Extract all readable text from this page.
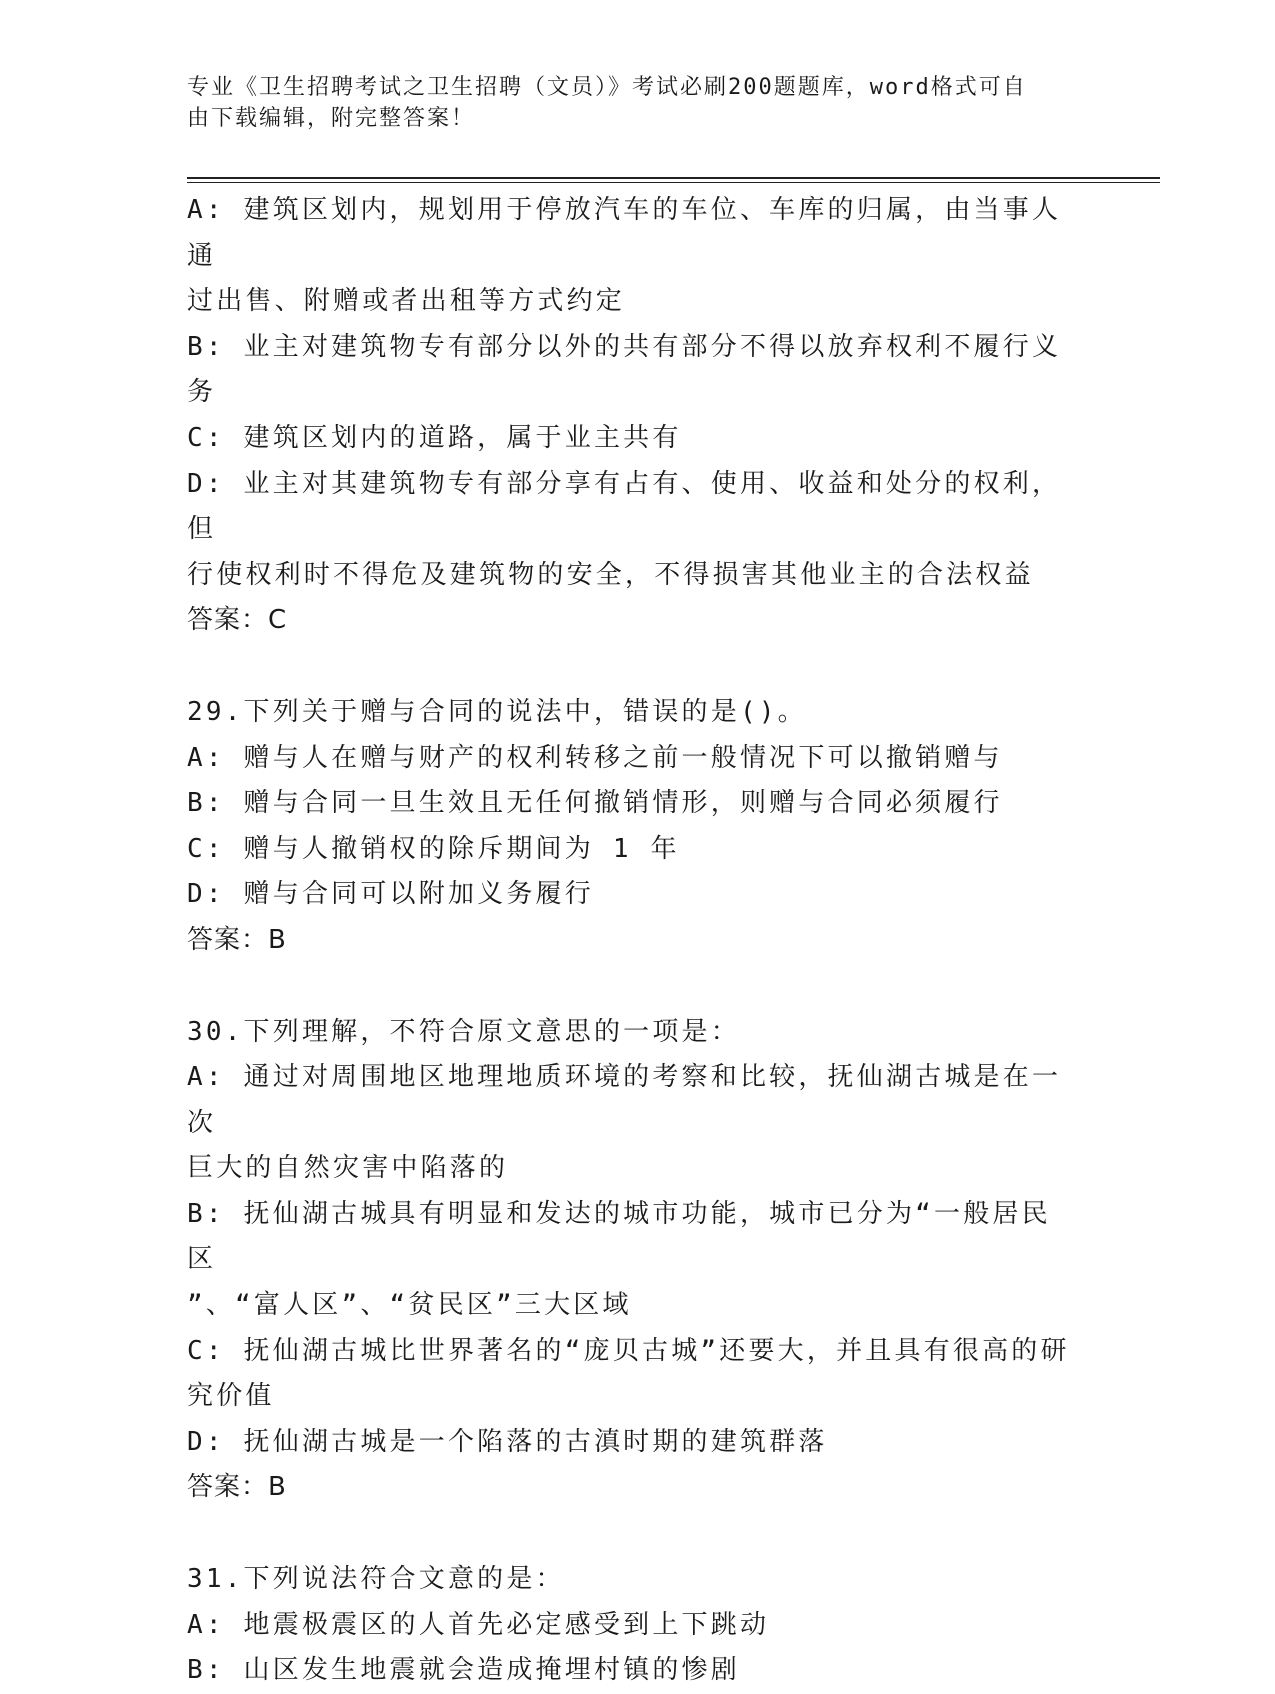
专业《卫生招聘考试之卫生招聘（文员）》考试必刷200题题库，word格式可自
由下载编辑，附完整答案！
A: 建筑区划内，规划用于停放汽车的车位、车库的归属，由当事人通
过出售、附赠或者出租等方式约定
B: 业主对建筑物专有部分以外的共有部分不得以放弃权利不履行义务
C: 建筑区划内的道路，属于业主共有
D: 业主对其建筑物专有部分享有占有、使用、收益和处分的权利，但
行使权利时不得危及建筑物的安全，不得损害其他业主的合法权益
答案：C
29.下列关于赠与合同的说法中，错误的是()。
A: 赠与人在赠与财产的权利转移之前一般情况下可以撤销赠与
B: 赠与合同一旦生效且无任何撤销情形，则赠与合同必须履行
C: 赠与人撤销权的除斥期间为 1 年
D: 赠与合同可以附加义务履行
答案：B
30.下列理解，不符合原文意思的一项是：
A: 通过对周围地区地理地质环境的考察和比较，抚仙湖古城是在一次
巨大的自然灾害中陷落的
B: 抚仙湖古城具有明显和发达的城市功能，城市已分为“一般居民区
”、“富人区”、“贫民区”三大区域
C: 抚仙湖古城比世界著名的“庞贝古城”还要大，并且具有很高的研
究价值
D: 抚仙湖古城是一个陷落的古滇时期的建筑群落
答案：B
31.下列说法符合文意的是：
A: 地震极震区的人首先必定感受到上下跳动
B: 山区发生地震就会造成掩埋村镇的惨剧
